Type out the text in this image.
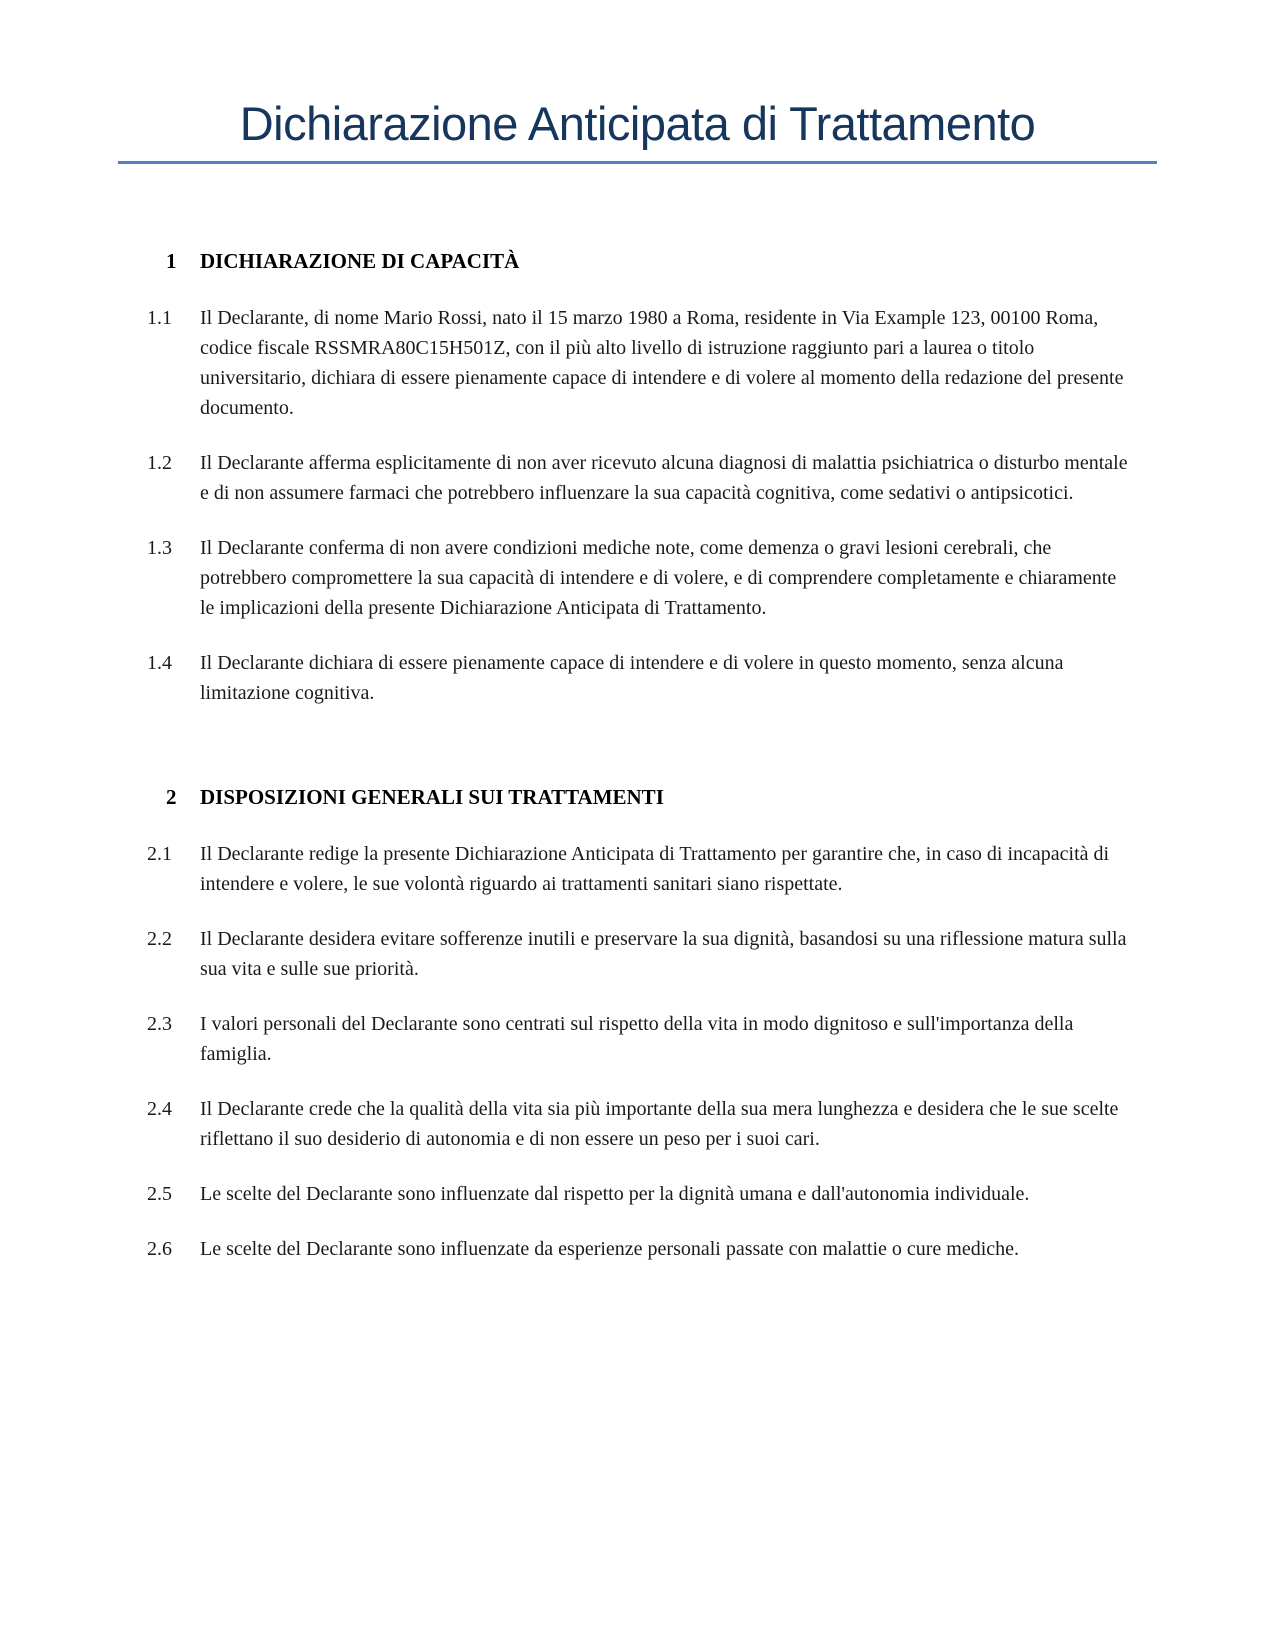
Dichiarazione Anticipata di Trattamento
1	DICHIARAZIONE DI CAPACITÀ
1.1	Il Declarante, di nome Mario Rossi, nato il 15 marzo 1980 a Roma, residente in Via Example 123, 00100 Roma, codice fiscale RSSMRA80C15H501Z, con il più alto livello di istruzione raggiunto pari a laurea o titolo universitario, dichiara di essere pienamente capace di intendere e di volere al momento della redazione del presente documento.
1.2	Il Declarante afferma esplicitamente di non aver ricevuto alcuna diagnosi di malattia psichiatrica o disturbo mentale e di non assumere farmaci che potrebbero influenzare la sua capacità cognitiva, come sedativi o antipsicotici.
1.3	Il Declarante conferma di non avere condizioni mediche note, come demenza o gravi lesioni cerebrali, che potrebbero compromettere la sua capacità di intendere e di volere, e di comprendere completamente e chiaramente le implicazioni della presente Dichiarazione Anticipata di Trattamento.
1.4	Il Declarante dichiara di essere pienamente capace di intendere e di volere in questo momento, senza alcuna limitazione cognitiva.
2	DISPOSIZIONI GENERALI SUI TRATTAMENTI
2.1	Il Declarante redige la presente Dichiarazione Anticipata di Trattamento per garantire che, in caso di incapacità di intendere e volere, le sue volontà riguardo ai trattamenti sanitari siano rispettate.
2.2	Il Declarante desidera evitare sofferenze inutili e preservare la sua dignità, basandosi su una riflessione matura sulla sua vita e sulle sue priorità.
2.3	I valori personali del Declarante sono centrati sul rispetto della vita in modo dignitoso e sull'importanza della famiglia.
2.4	Il Declarante crede che la qualità della vita sia più importante della sua mera lunghezza e desidera che le sue scelte riflettano il suo desiderio di autonomia e di non essere un peso per i suoi cari.
2.5	Le scelte del Declarante sono influenzate dal rispetto per la dignità umana e dall'autonomia individuale.
2.6	Le scelte del Declarante sono influenzate da esperienze personali passate con malattie o cure mediche.
